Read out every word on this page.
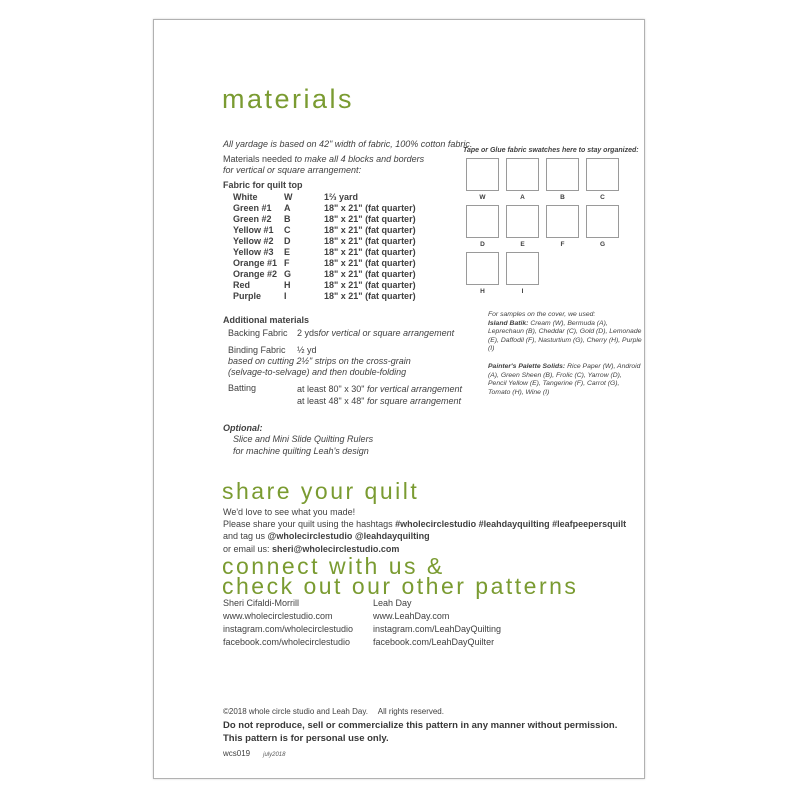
materials
All yardage is based on 42" width of fabric, 100% cotton fabric.
Materials needed to make all 4 blocks and borders
for vertical or square arrangement:
Fabric for quilt top
White	W	1⅔ yard
Green #1	A	18" x 21" (fat quarter)
Green #2	B	18" x 21" (fat quarter)
Yellow #1	C	18" x 21" (fat quarter)
Yellow #2	D	18" x 21" (fat quarter)
Yellow #3	E	18" x 21" (fat quarter)
Orange #1 F	18" x 21" (fat quarter)
Orange #2 G	18" x 21" (fat quarter)
Red	H	18" x 21" (fat quarter)
Purple	I	18" x 21" (fat quarter)
Additional materials
Backing Fabric	2 yds for vertical or square arrangement
Binding Fabric	½ yd
based on cutting 2½" strips on the cross-grain
(selvage-to-selvage) and then double-folding
Batting	at least 80" x 30" for vertical arrangement
at least 48" x 48" for square arrangement
Optional:
Slice and Mini Slide Quilting Rulers
for machine quilting Leah's design
Tape or Glue fabric swatches here to stay organized:
W	A	B	C
D	E	F	G
H	I
For samples on the cover, we used:
Island Batik: Cream (W), Bermuda (A), Leprechaun (B), Cheddar (C), Gold (D), Lemonade (E), Daffodil (F), Nasturtium (G), Cherry (H), Purple (I)
Painter's Palette Solids: Rice Paper (W), Android (A), Green Sheen (B), Frolic (C), Yarrow (D), Pencil Yellow (E), Tangerine (F), Carrot (G), Tomato (H), Wine (I)
share your quilt
We'd love to see what you made!
Please share your quilt using the hashtags #wholecirclestudio #leahdayquilting #leafpeepersquilt
and tag us @wholecirclestudio @leahdayquilting
or email us: sheri@wholecirclestudio.com
connect with us &
check out our other patterns
Sheri Cifaldi-Morrill
www.wholecirclestudio.com
instagram.com/wholecirclestudio
facebook.com/wholecirclestudio
Leah Day
www.LeahDay.com
instagram.com/LeahDayQuilting
facebook.com/LeahDayQuilter
©2018 whole circle studio and Leah Day.  All rights reserved.
Do not reproduce, sell or commercialize this pattern in any manner without permission.
This pattern is for personal use only.
wcs019 july2018
